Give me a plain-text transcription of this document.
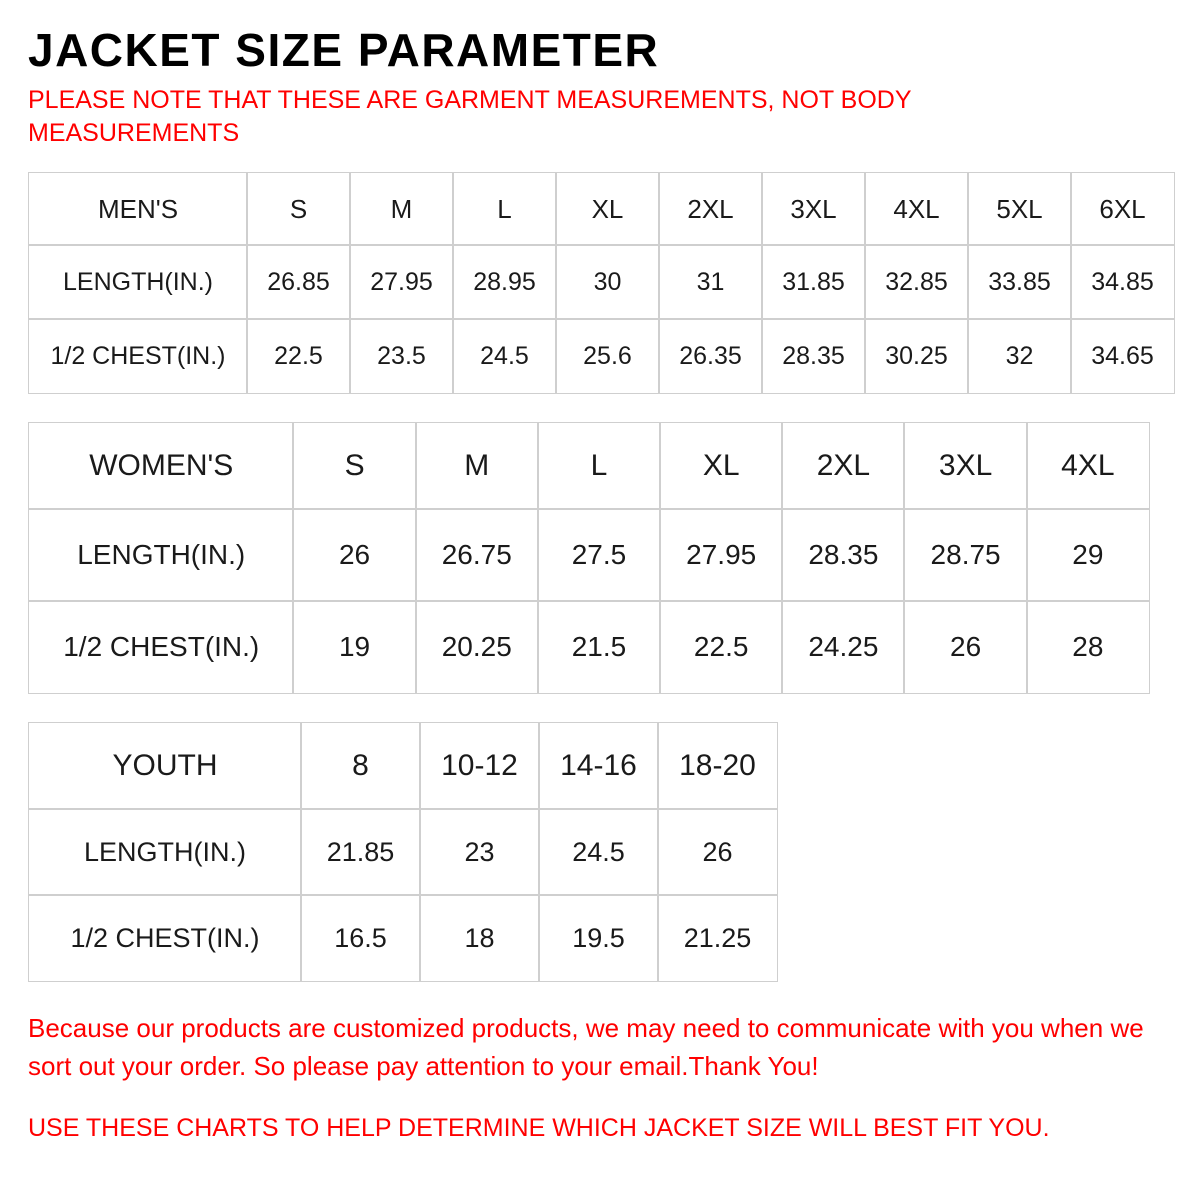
JACKET SIZE PARAMETER

PLEASE NOTE THAT THESE ARE GARMENT MEASUREMENTS, NOT BODY MEASUREMENTS

MEN'S	S	M	L	XL	2XL	3XL	4XL	5XL	6XL
LENGTH(IN.)	26.85	27.95	28.95	30	31	31.85	32.85	33.85	34.85
1/2 CHEST(IN.)	22.5	23.5	24.5	25.6	26.35	28.35	30.25	32	34.65
WOMEN'S	S	M	L	XL	2XL	3XL	4XL
LENGTH(IN.)	26	26.75	27.5	27.95	28.35	28.75	29
1/2 CHEST(IN.)	19	20.25	21.5	22.5	24.25	26	28
YOUTH	8	10-12	14-16	18-20
LENGTH(IN.)	21.85	23	24.5	26
1/2 CHEST(IN.)	16.5	18	19.5	21.25

Because our products are customized products, we may need to communicate with you when we sort out your order. So please pay attention to your email.Thank You!

USE THESE CHARTS TO HELP DETERMINE WHICH JACKET SIZE WILL BEST FIT YOU.
